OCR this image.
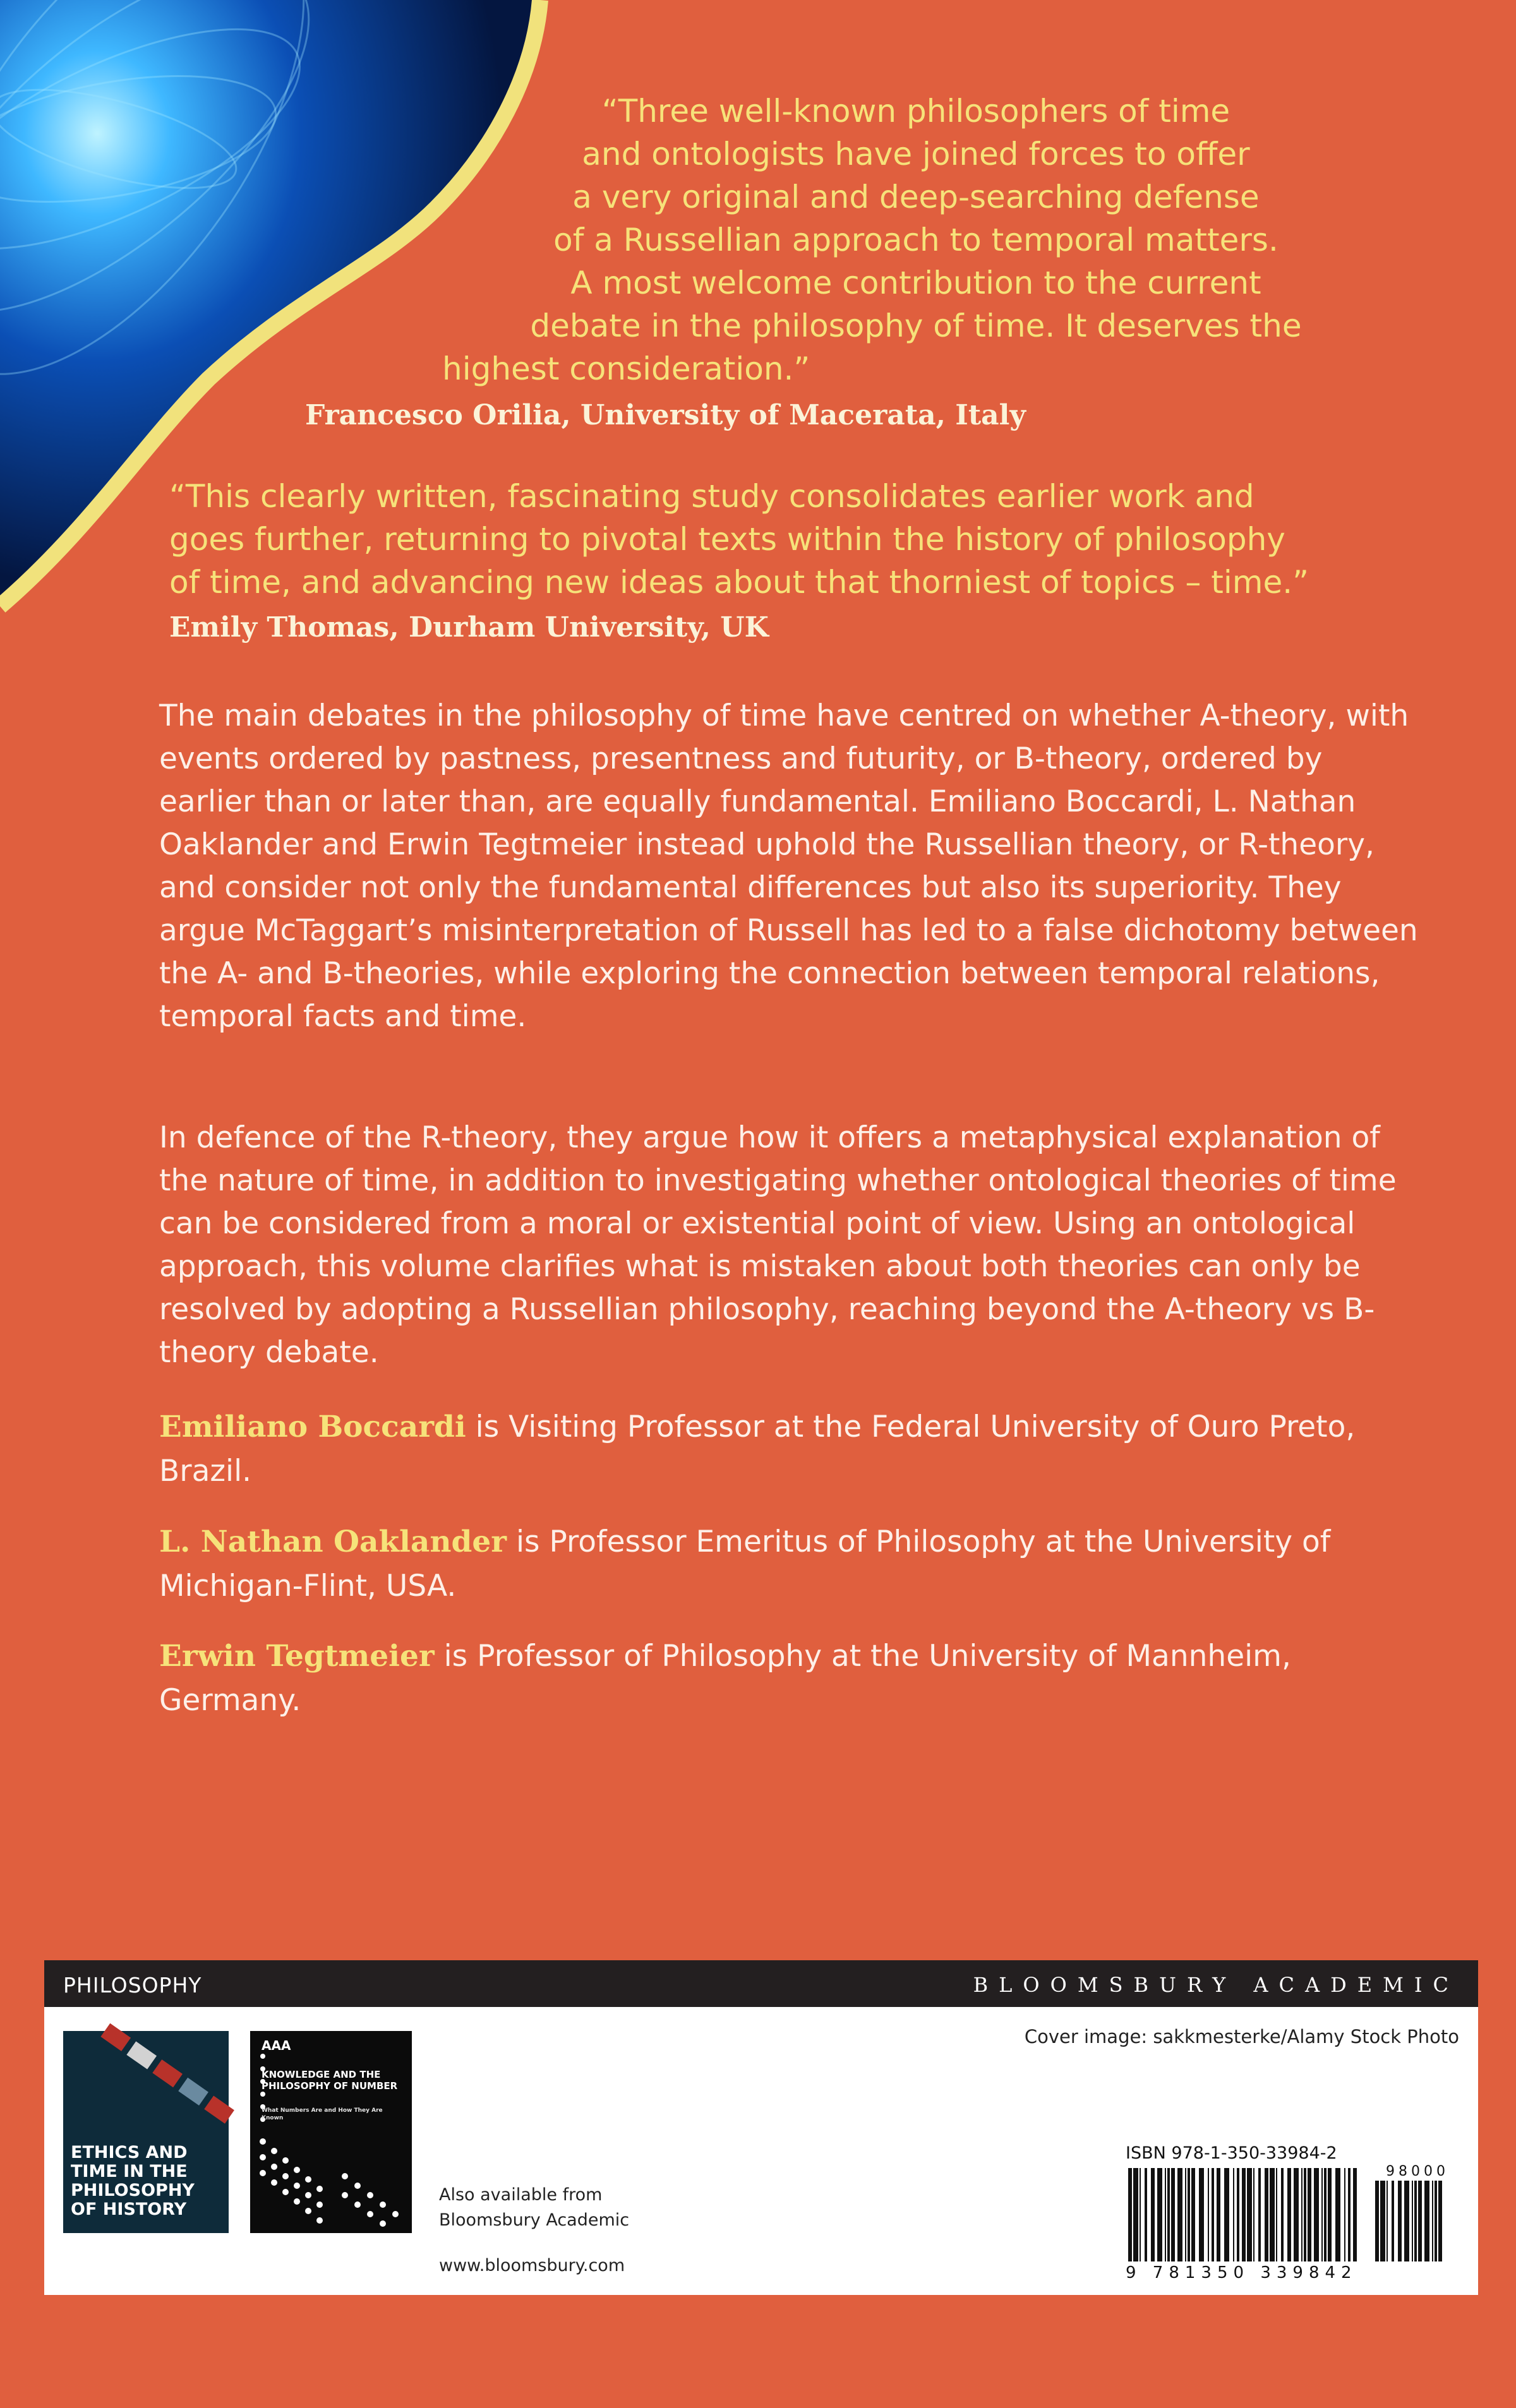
“Three well-known philosophers of time

and ontologists have joined forces to offer

a very original and deep-searching defense

of a Russellian approach to temporal matters.

A most welcome contribution to the current

debate in the philosophy of time. It deserves the

highest consideration.”

Francesco Orilia, University of Macerata, Italy

“This clearly written, fascinating study consolidates earlier work and

goes further, returning to pivotal texts within the history of philosophy

of time, and advancing new ideas about that thorniest of topics – time.”

Emily Thomas, Durham University, UK
The main debates in the philosophy of time have centred on whether A-theory, with events ordered by pastness, presentness and futurity, or B-theory, ordered by earlier than or later than, are equally fundamental. Emiliano Boccardi, L. Nathan Oaklander and Erwin Tegtmeier instead uphold the Russellian theory, or R-theory, and consider not only the fundamental differences but also its superiority. They argue McTaggart’s misinterpretation of Russell has led to a false dichotomy between the A- and B-theories, while exploring the connection between temporal relations, temporal facts and time.
In defence of the R-theory, they argue how it offers a metaphysical explanation of the nature of time, in addition to investigating whether ontological theories of time can be considered from a moral or existential point of view. Using an ontological approach, this volume clarifies what is mistaken about both theories can only be resolved by adopting a Russellian philosophy, reaching beyond the A-theory vs B-theory debate.
Emiliano Boccardi is Visiting Professor at the Federal University of Ouro Preto, Brazil.
L. Nathan Oaklander is Professor Emeritus of Philosophy at the University of Michigan-Flint, USA.
Erwin Tegtmeier is Professor of Philosophy at the University of Mannheim, Germany.
PHILOSOPHY	BLOOMSBURY ACADEMIC
Cover image: sakkmesterke/Alamy Stock Photo
ETHICS AND TIME IN THE PHILOSOPHY OF HISTORY
AAA
KNOWLEDGE AND THE PHILOSOPHY OF NUMBER
What Numbers Are and How They Are Known
Also available from
Bloomsbury Academic
www.bloomsbury.com
ISBN 978-1-350-33984-2
98000
9 781350 339842
